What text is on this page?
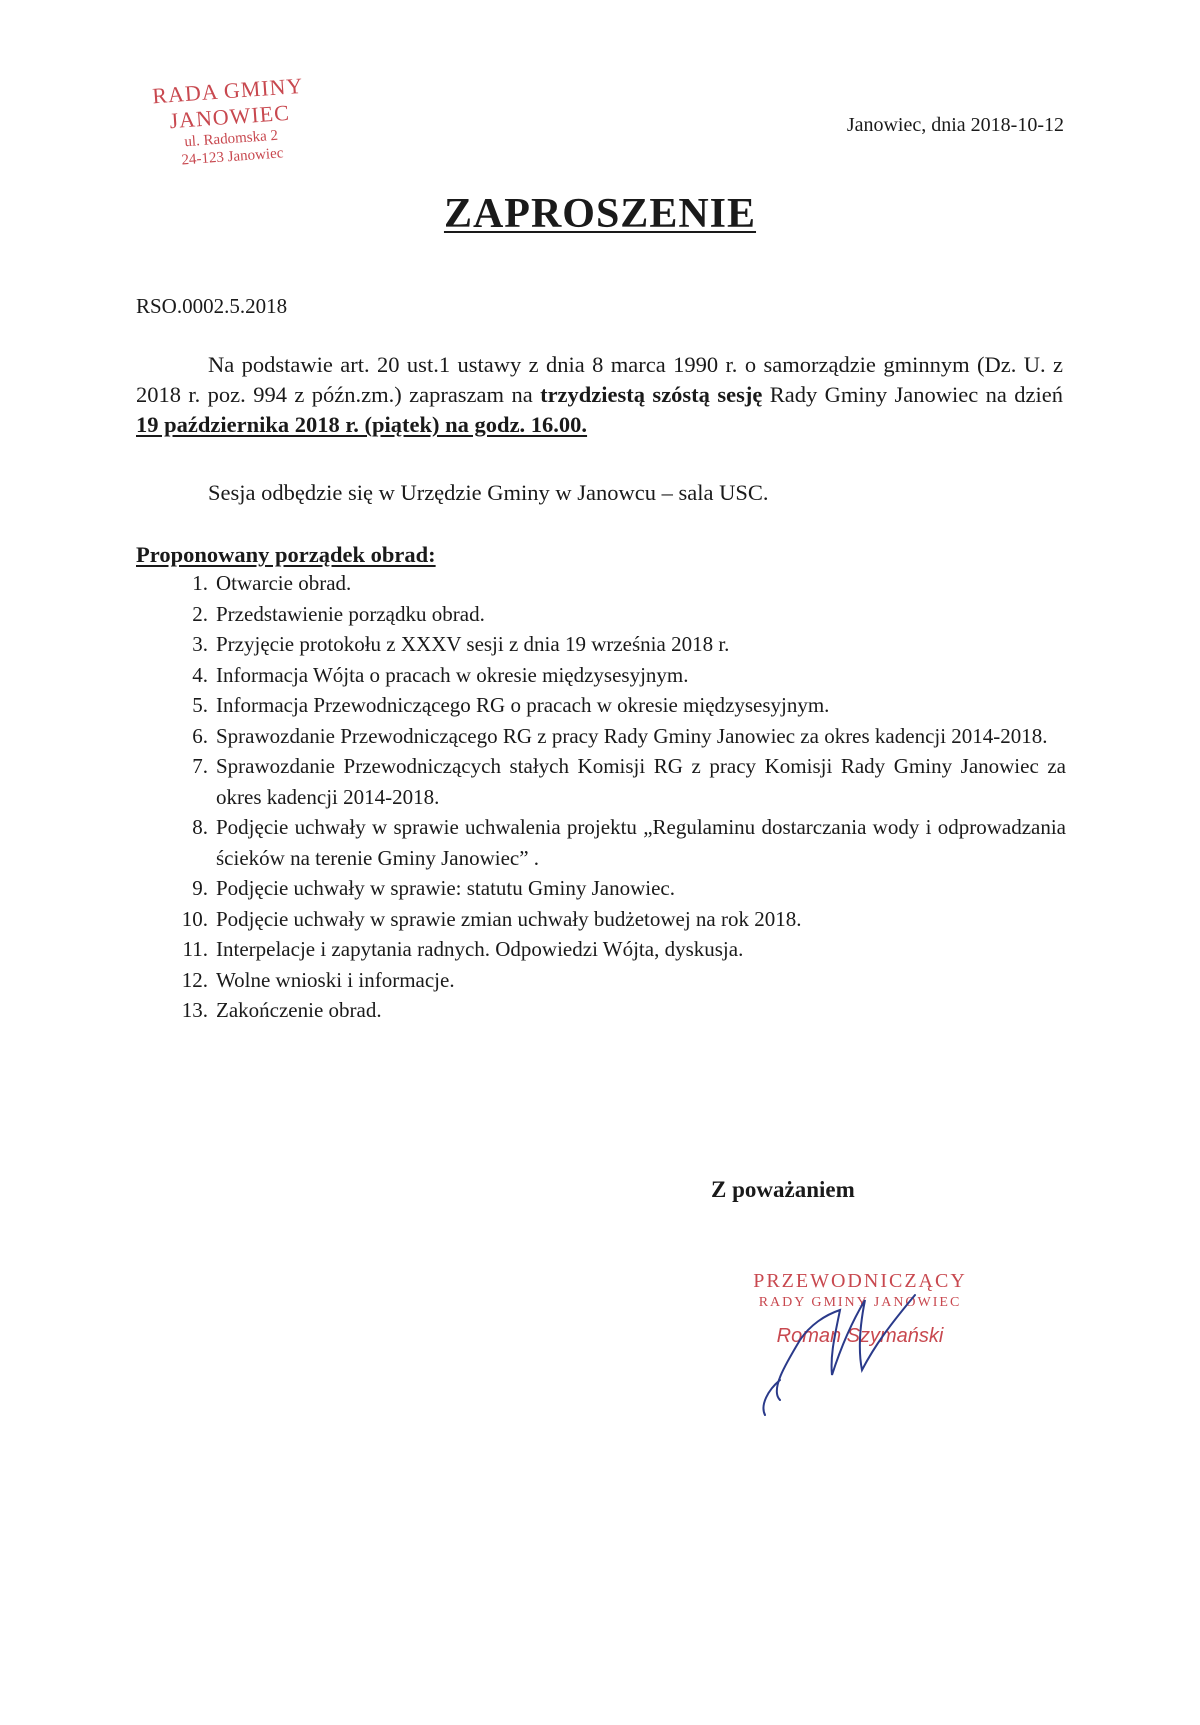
RADA GMINY
JANOWIEC
ul. Radomska 2
24-123 Janowiec
Janowiec, dnia 2018-10-12
ZAPROSZENIE
RSO.0002.5.2018
Na podstawie art. 20 ust.1 ustawy z dnia 8 marca 1990 r. o samorządzie gminnym (Dz. U. z 2018 r. poz. 994 z późn.zm.) zapraszam na trzydziestą szóstą sesję Rady Gminy Janowiec na dzień 19 października 2018 r. (piątek) na godz. 16.00.
Sesja odbędzie się w Urzędzie Gminy w Janowcu – sala USC.
Proponowany porządek obrad:
1. Otwarcie obrad.
2. Przedstawienie porządku obrad.
3. Przyjęcie protokołu z XXXV sesji z dnia 19 września 2018 r.
4. Informacja Wójta o pracach w okresie międzysesyjnym.
5. Informacja Przewodniczącego RG o pracach w okresie międzysesyjnym.
6. Sprawozdanie Przewodniczącego RG z pracy Rady Gminy Janowiec za okres kadencji 2014-2018.
7. Sprawozdanie Przewodniczących stałych Komisji RG z pracy Komisji Rady Gminy Janowiec za okres kadencji 2014-2018.
8. Podjęcie uchwały w sprawie uchwalenia projektu „Regulaminu dostarczania wody i odprowadzania ścieków na terenie Gminy Janowiec” .
9. Podjęcie uchwały w sprawie: statutu Gminy Janowiec.
10. Podjęcie uchwały w sprawie zmian uchwały budżetowej na rok 2018.
11. Interpelacje i zapytania radnych. Odpowiedzi Wójta, dyskusja.
12. Wolne wnioski i informacje.
13. Zakończenie obrad.
Z poważaniem
PRZEWODNICZĄCY
RADY GMINY JANOWIEC
Roman Szymański
